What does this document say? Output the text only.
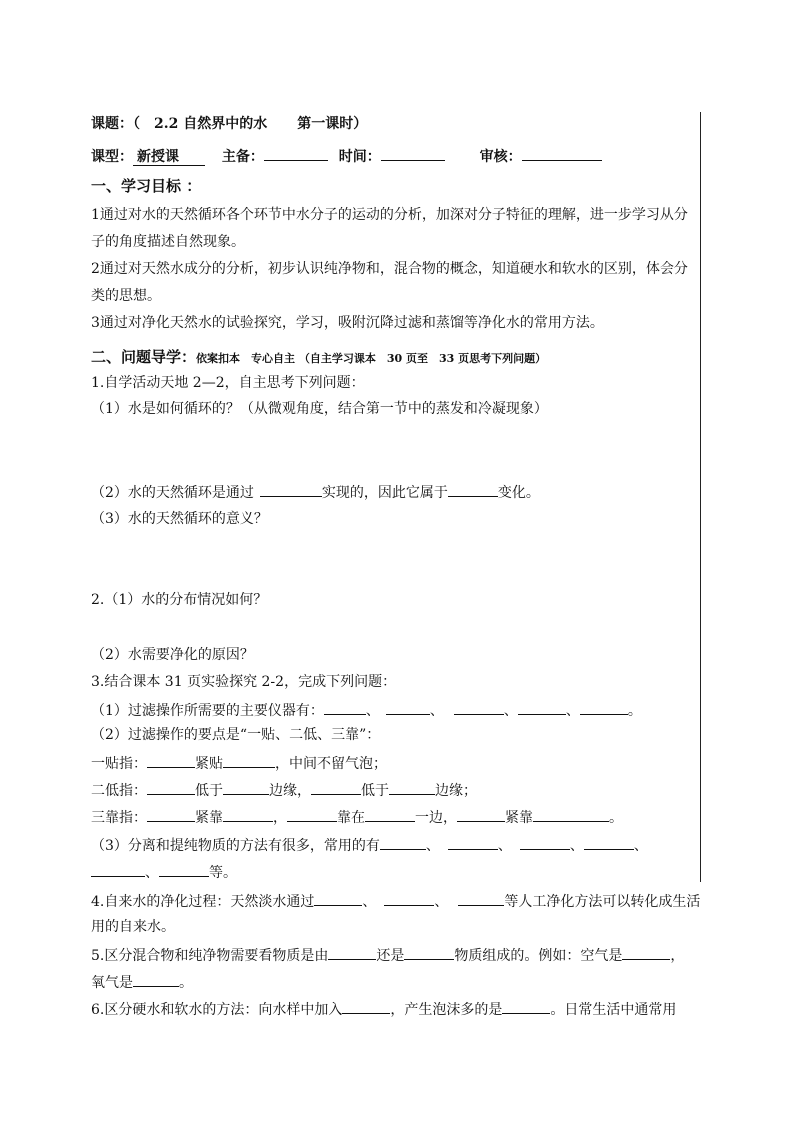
课题：（ 2.2 自然界中的水 第一课时）
课型： 新授课	主备：	时间：	审核：
一、学习目标 ：
1通过对水的天然循环各个环节中水分子的运动的分析，加深对分子特征的理解，进一步学习从分
子的角度描述自然现象。
2通过对天然水成分的分析，初步认识纯净物和，混合物的概念，知道硬水和软水的区别，体会分
类的思想。
3通过对净化天然水的试验探究，学习，吸附沉降过滤和蒸馏等净化水的常用方法。
二、问题导学：依案扣本　专心自主 （自主学习课本　30 页至　33 页思考下列问题）
1.自学活动天地 2—2，自主思考下列问题：
（1）水是如何循环的？（从微观角度，结合第一节中的蒸发和冷凝现象）
（2）水的天然循环是通过	实现的，因此它属于	变化。
（3）水的天然循环的意义？
2.（1）水的分布情况如何？
（2）水需要净化的原因？
3.结合课本 31 页实验探究 2-2，完成下列问题：
（1）过滤操作所需要的主要仪器有：	、	、	、	、	。
（2）过滤操作的要点是“一贴、二低、三靠”：
一贴指：	紧贴	，中间不留气泡；
二低指：	低于	边缘，	低于	边缘；
三靠指：	紧靠	，	靠在	一边，	紧靠	。
（3）分离和提纯物质的方法有很多，常用的有	、	、	、	、
、	等。
4.自来水的净化过程：天然淡水通过	、	、	等人工净化方法可以转化成生活
用的自来水。
5.区分混合物和纯净物需要看物质是由	还是	物质组成的。例如：空气是	，
氧气是	。
6.区分硬水和软水的方法：向水样中加入	，产生泡沫多的是	。日常生活中通常用
